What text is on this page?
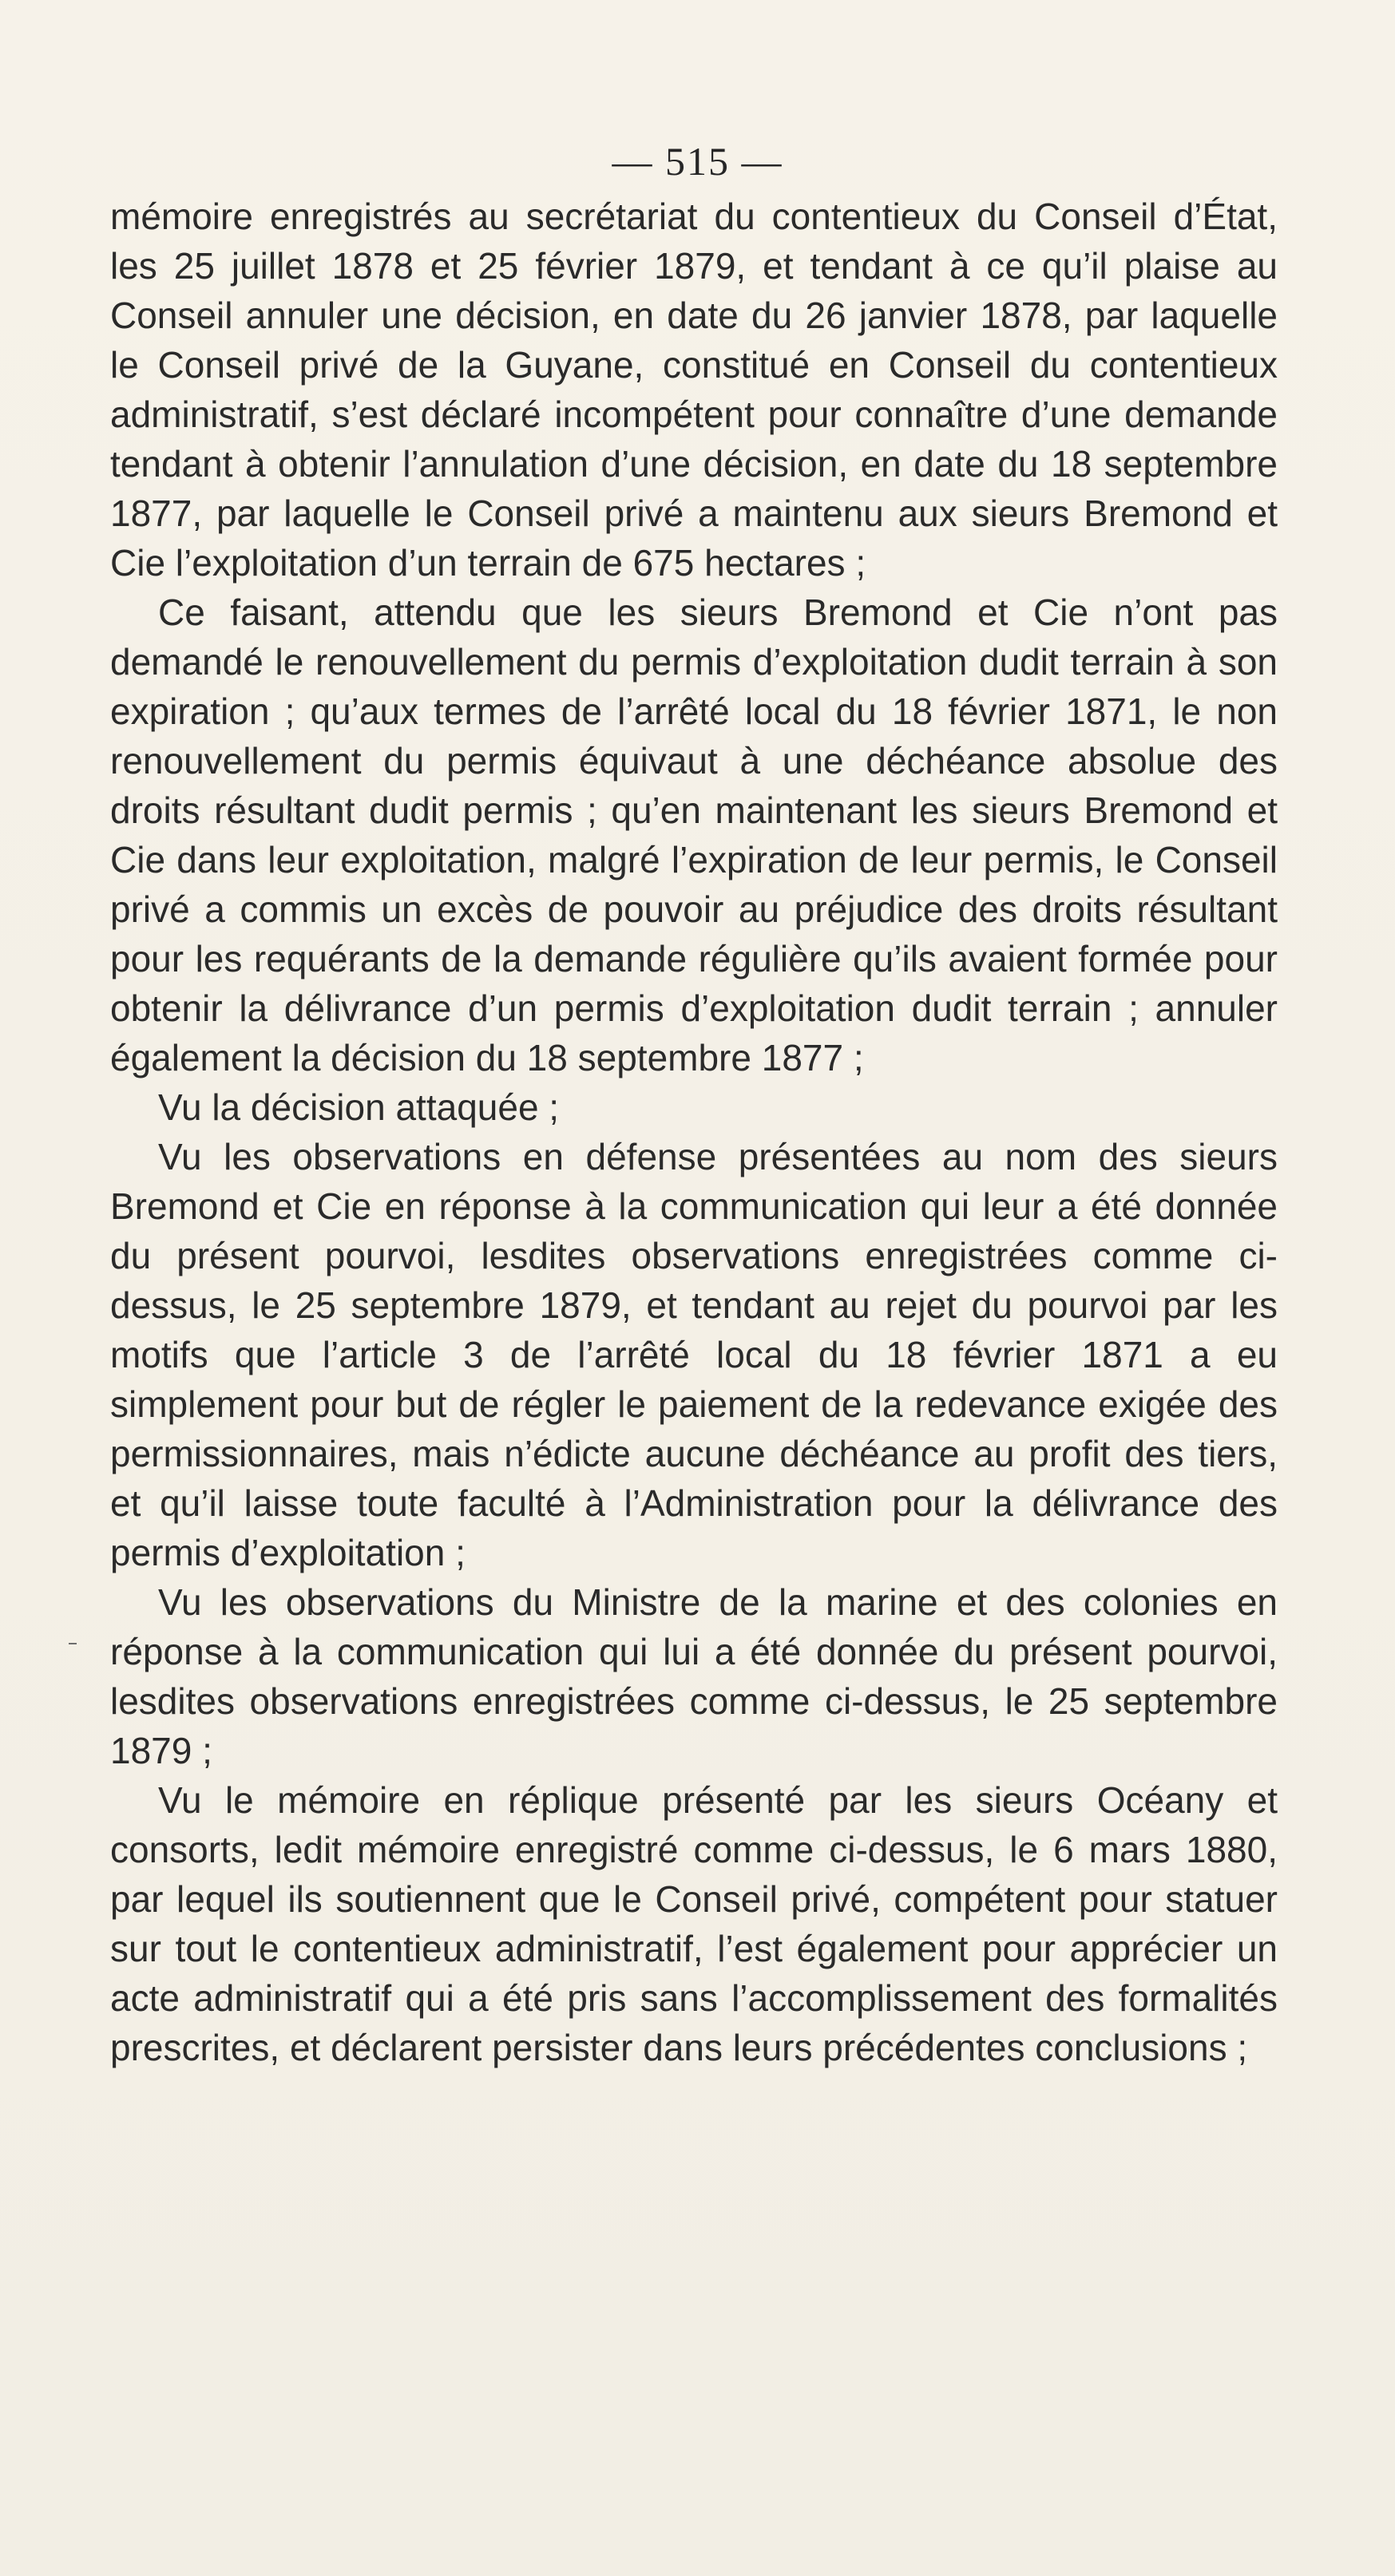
— 515 —

mémoire enregistrés au secrétariat du contentieux du Conseil d’État, les 25 juillet 1878 et 25 février 1879, et tendant à ce qu’il plaise au Conseil annuler une décision, en date du 26 janvier 1878, par laquelle le Conseil privé de la Guyane, constitué en Conseil du contentieux administratif, s’est déclaré incompétent pour connaître d’une demande tendant à obtenir l’annulation d’une décision, en date du 18 septembre 1877, par laquelle le Conseil privé a maintenu aux sieurs Bremond et Cie l’exploitation d’un terrain de 675 hectares ;

Ce faisant, attendu que les sieurs Bremond et Cie n’ont pas demandé le renouvellement du permis d’exploitation dudit terrain à son expiration ; qu’aux termes de l’arrêté local du 18 février 1871, le non renouvellement du permis équivaut à une déchéance absolue des droits résultant dudit permis ; qu’en maintenant les sieurs Bremond et Cie dans leur exploitation, malgré l’expiration de leur permis, le Conseil privé a commis un excès de pouvoir au préjudice des droits résultant pour les requérants de la demande régulière qu’ils avaient formée pour obtenir la délivrance d’un permis d’exploitation dudit terrain ; annuler également la décision du 18 septembre 1877 ;

Vu la décision attaquée ;

Vu les observations en défense présentées au nom des sieurs Bremond et Cie en réponse à la communication qui leur a été donnée du présent pourvoi, lesdites observations enregistrées comme ci-dessus, le 25 septembre 1879, et tendant au rejet du pourvoi par les motifs que l’article 3 de l’arrêté local du 18 février 1871 a eu simplement pour but de régler le paiement de la redevance exigée des permissionnaires, mais n’édicte aucune déchéance au profit des tiers, et qu’il laisse toute faculté à l’Administration pour la délivrance des permis d’exploitation ;

Vu les observations du Ministre de la marine et des colonies en réponse à la communication qui lui a été donnée du présent pourvoi, lesdites observations enregistrées comme ci-dessus, le 25 septembre 1879 ;

Vu le mémoire en réplique présenté par les sieurs Océany et consorts, ledit mémoire enregistré comme ci-dessus, le 6 mars 1880, par lequel ils soutiennent que le Conseil privé, compétent pour statuer sur tout le contentieux administratif, l’est également pour apprécier un acte administratif qui a été pris sans l’accomplissement des formalités prescrites, et déclarent persister dans leurs précédentes conclusions ;
